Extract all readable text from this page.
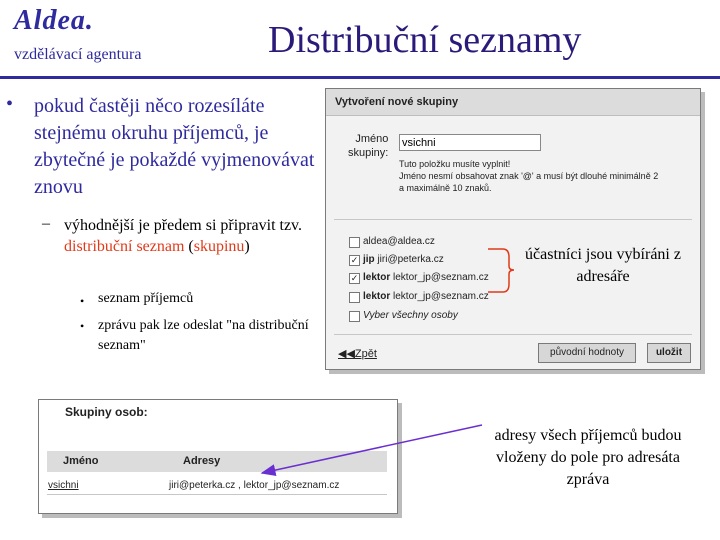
Aldea.
vzdělávací agentura	Distribuční seznamy
• pokud častěji něco rozesíláte stejnému okruhu příjemců, je zbytečné je pokaždé vyjmenovávat znovu
– výhodnější je předem si připravit tzv. distribuční seznam (skupinu)
• seznam příjemců
• zprávu pak lze odeslat "na distribuční seznam"
Vytvoření nové skupiny
Jméno
skupiny:
vsichni
Tuto položku musíte vyplnit!
Jméno nesmí obsahovat znak '@' a musí být dlouhé minimálně 2
a maximálně 10 znaků.
aldea@aldea.cz
✓ jip jiri@peterka.cz
✓ lektor lektor_jp@seznam.cz
lektor lektor_jp@seznam.cz
Vyber všechny osoby
◀◀Zpět	původní hodnoty	uložit
účastníci jsou vybíráni z adresáře
Skupiny osob:
Jméno	Adresy
vsichni	jiri@peterka.cz , lektor_jp@seznam.cz
adresy všech příjemců budou vloženy do pole pro adresáta zpráva
